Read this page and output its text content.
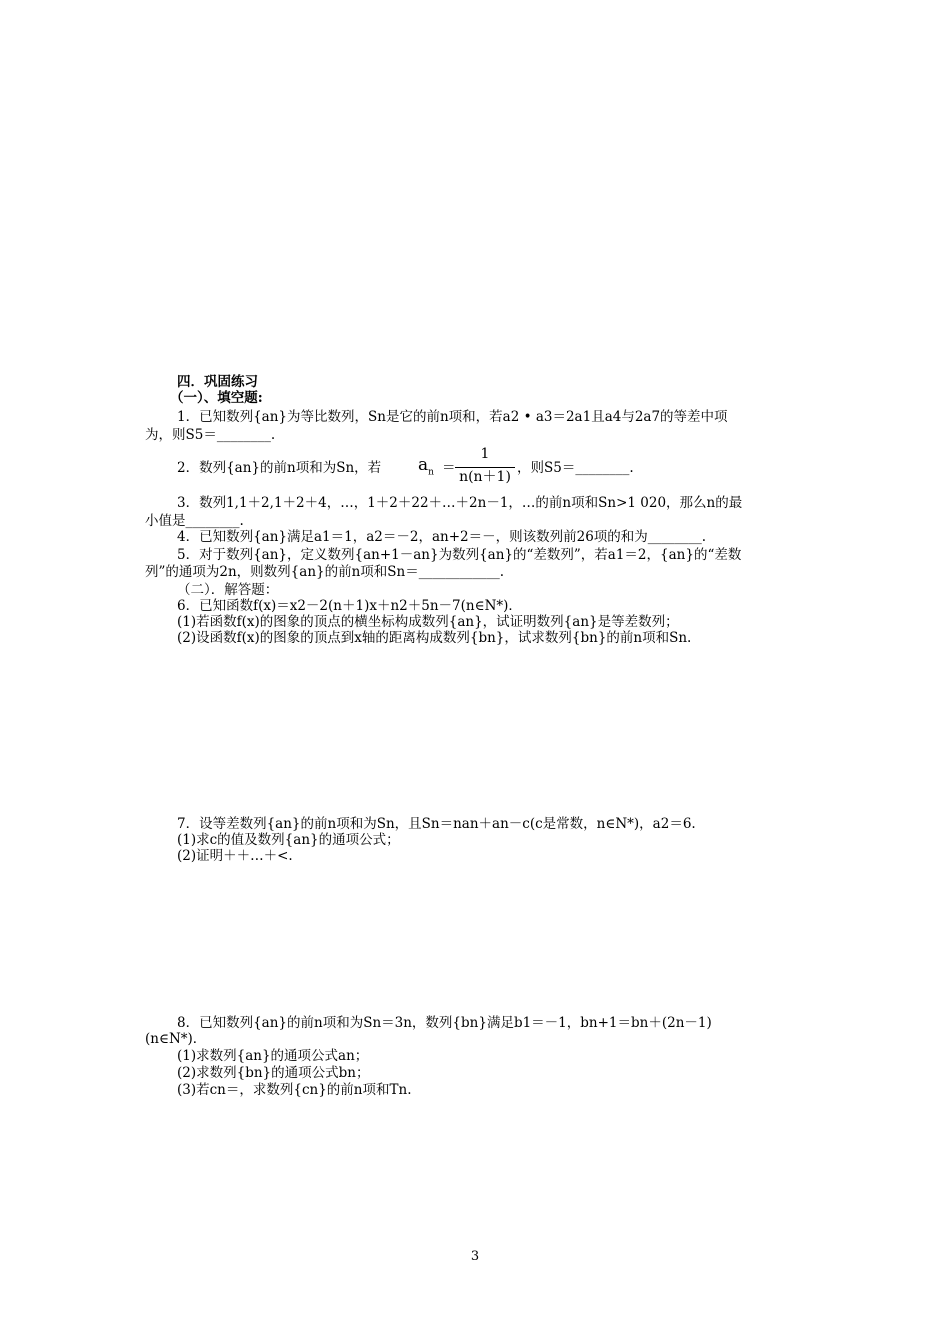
四．巩固练习
（一）、填空题:
1．已知数列{an}为等比数列，Sn是它的前n项和，若a2 • a3＝2a1且a4与2a7的等差中项
为，则S5＝________.
2．数列{an}的前n项和为Sn，若 $a_n$ ＝
1
n(n＋1)
，则S5＝________.
3．数列1,1＋2,1＋2＋4，…，1＋2＋22＋…＋2n－1，…的前n项和Sn>1 020，那么n的最
小值是________.
4．已知数列{an}满足a1＝1，a2＝－2，an+2＝－，则该数列前26项的和为________.
5．对于数列{an}，定义数列{an+1－an}为数列{an}的“差数列”，若a1＝2，{an}的“差数
列”的通项为2n，则数列{an}的前n项和Sn＝____________.
（二）．解答题：
6．已知函数f(x)＝x2－2(n＋1)x＋n2＋5n－7(n∈N*)．
(1)若函数f(x)的图象的顶点的横坐标构成数列{an}，试证明数列{an}是等差数列；
(2)设函数f(x)的图象的顶点到x轴的距离构成数列{bn}，试求数列{bn}的前n项和Sn.
7．设等差数列{an}的前n项和为Sn，且Sn＝nan＋an－c(c是常数，n∈N*)，a2＝6.
(1)求c的值及数列{an}的通项公式；
(2)证明＋＋…＋<.
8．已知数列{an}的前n项和为Sn＝3n，数列{bn}满足b1＝－1，bn+1＝bn＋(2n－1)
(n∈N*)．
(1)求数列{an}的通项公式an；
(2)求数列{bn}的通项公式bn；
(3)若cn＝，求数列{cn}的前n项和Tn.
3
